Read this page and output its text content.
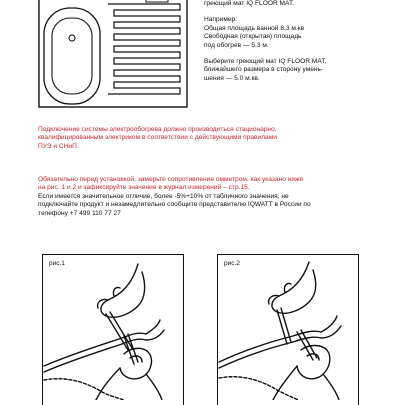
греющий мат IQ FLOOR MAT.

Например:

Общая площадь ванной 8.3 м.кв

Свободная (открытая) площадь

под обогрев — 5.3 м.

Выберите греющий мат IQ FLOOR MAT,

ближайшего размера в сторону умень-

шения — 5.0 м.кв.

Подключение системы электрообогрева должно производиться стационарно,

квалифицированным электриком в соответствии с действующими правилами

ПУЭ и СНиП.

Обязательно перед установкой, замерьте сопротивление омметром, как указано ниже

на рис. 1 и 2 и зафиксируйте значение в журнал измерений – стр.15.

Если имеется значительное отличие, более -5%+10% от табличного значения, не

подключайте продукт и незамедлительно сообщите представителю IQWATT в России по

телефону +7 499 110 77 27

рис.1	рис.2
